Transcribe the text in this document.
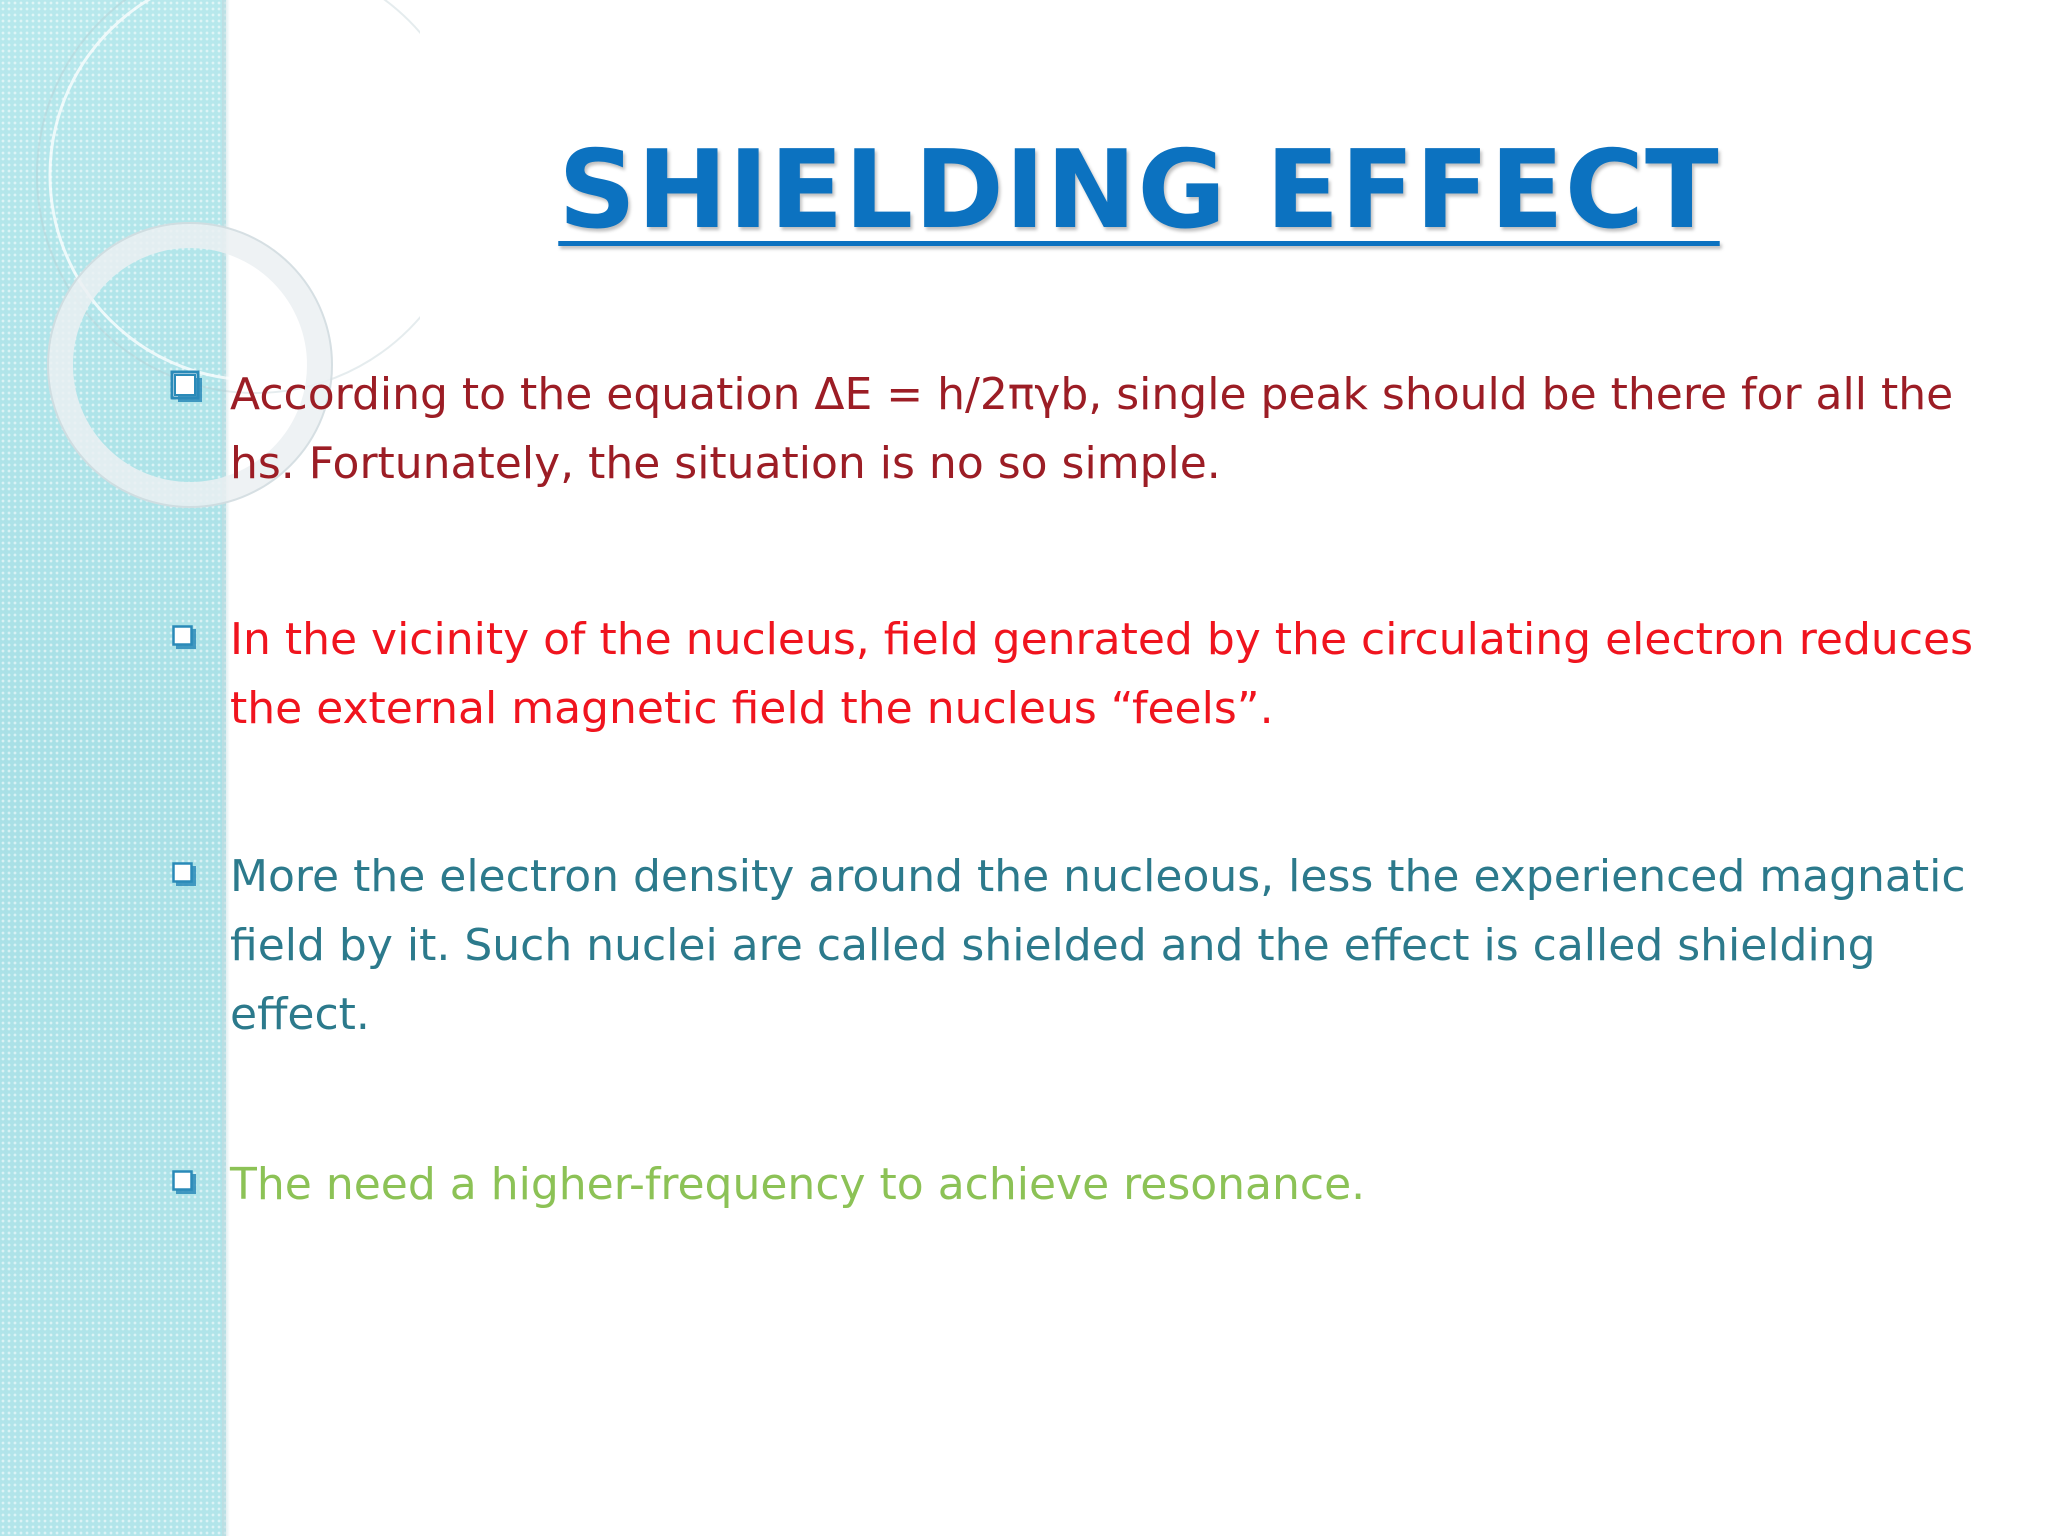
SHIELDING EFFECT

According to the equation ΔE = h/2πγb, single peak should be there for all the hs. Fortunately, the situation is no so simple.

In the vicinity of the nucleus, field genrated by the circulating electron reduces the external magnetic field the nucleus “feels”.

More the electron density around the nucleous, less the experienced magnatic field by it. Such nuclei are called shielded and the effect is called shielding effect.

The need a higher-frequency to achieve resonance.
